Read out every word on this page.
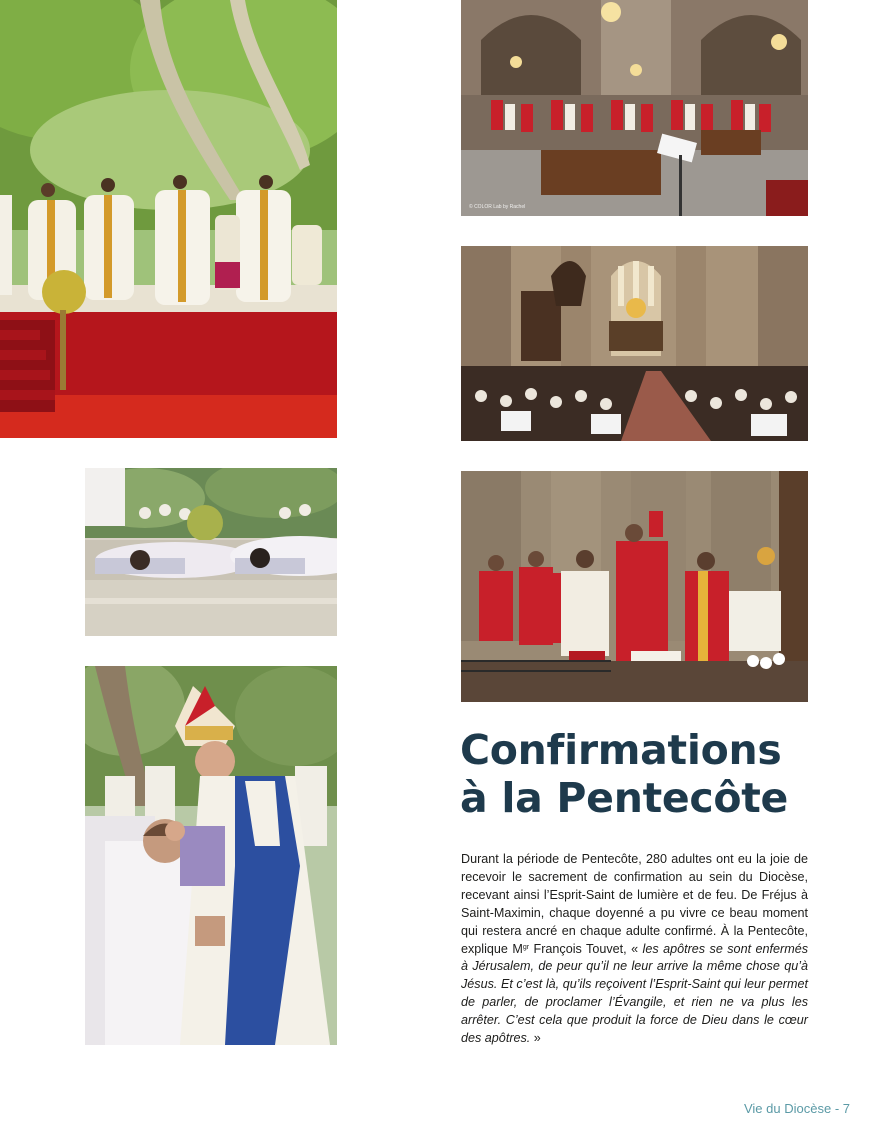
© COLOR Lab by Rachel
Confirmations
à la Pentecôte

Durant la période de Pentecôte, 280 adultes ont eu la joie de recevoir le sacrement de confirmation au sein du Diocèse, recevant ainsi l’Esprit-Saint de lumière et de feu. De Fréjus à Saint-Maximin, chaque doyenné a pu vivre ce beau moment qui restera ancré en chaque adulte confirmé. À la Pentecôte, explique $M^{gr}$ François Touvet, « les apôtres se sont enfermés à Jérusalem, de peur qu’il ne leur arrive la même chose qu’à Jésus. Et c’est là, qu’ils reçoivent l’Esprit-Saint qui leur permet de parler, de proclamer l’Évangile, et rien ne va plus les arrêter. C’est cela que produit la force de Dieu dans le cœur des apôtres. »

Vie du Diocèse - 7
